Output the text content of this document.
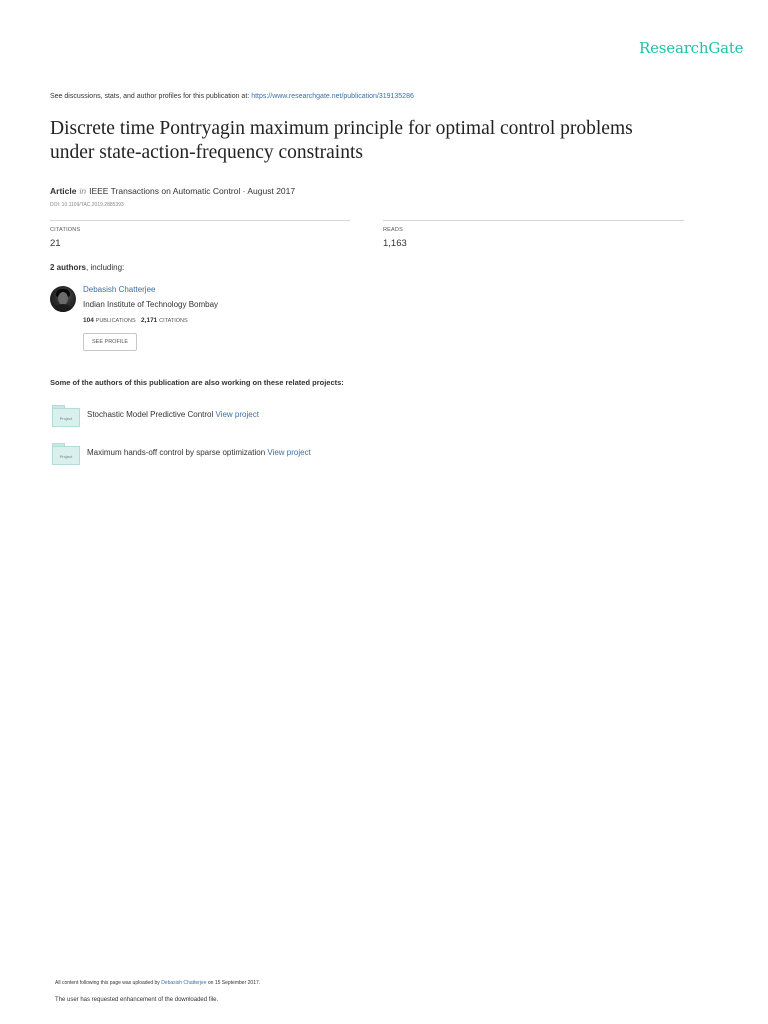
ResearchGate
See discussions, stats, and author profiles for this publication at: https://www.researchgate.net/publication/319135286
Discrete time Pontryagin maximum principle for optimal control problems
under state-action-frequency constraints
Article in IEEE Transactions on Automatic Control · August 2017
DOI: 10.1109/TAC.2019.2885393
CITATIONS
21
READS
1,163
2 authors, including:
Debasish Chatterjee
Indian Institute of Technology Bombay
104 PUBLICATIONS 2,171 CITATIONS
SEE PROFILE
Some of the authors of this publication are also working on these related projects:
Project	Stochastic Model Predictive Control View project
Project	Maximum hands-off control by sparse optimization View project
All content following this page was uploaded by Debasish Chatterjee on 15 September 2017.
The user has requested enhancement of the downloaded file.
